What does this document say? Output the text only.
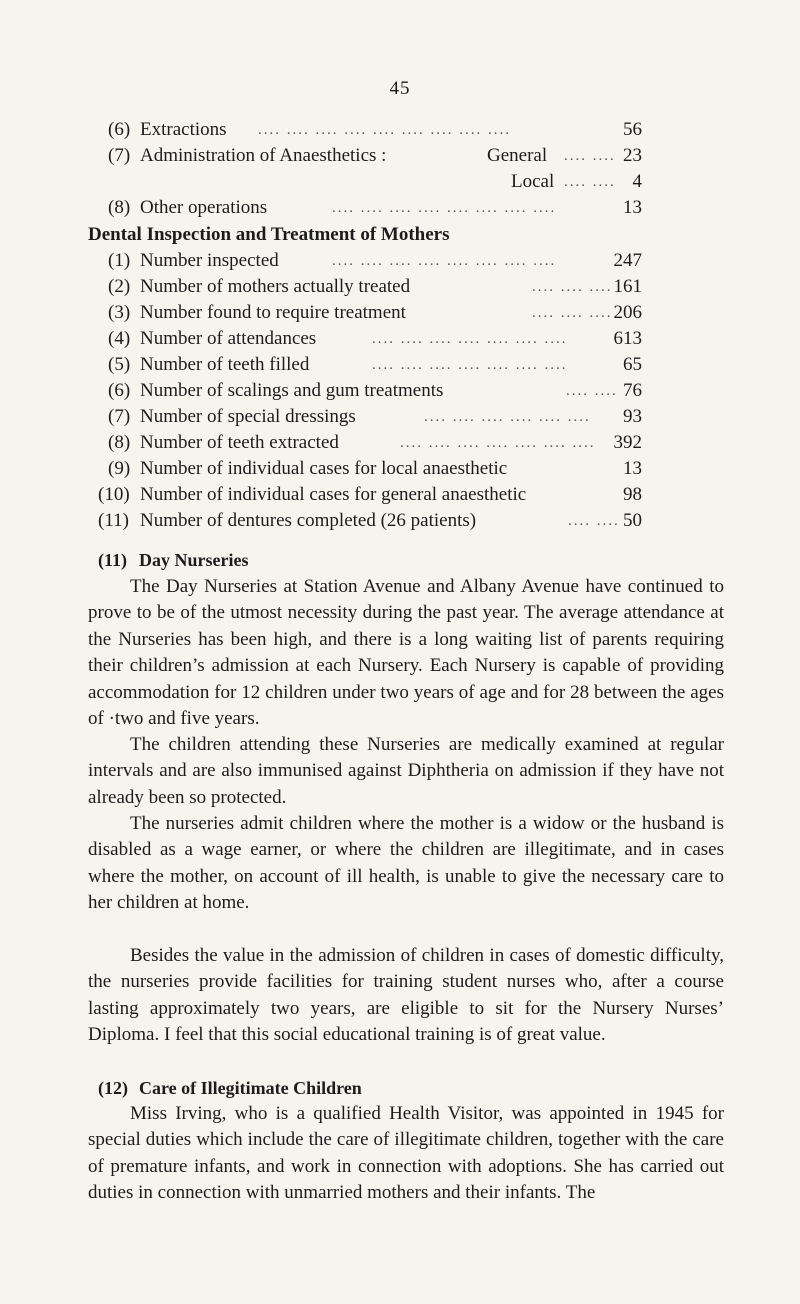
45
(6) Extractions .... .... .... .... .... .... .... .... ....	56
(7) Administration of Anaesthetics :	General .... .... 23
Local .... .... 4
(8) Other operations	.... .... .... .... .... .... .... ....	13
Dental Inspection and Treatment of Mothers
(1) Number inspected	.... .... .... .... .... .... .... ....	247
(2) Number of mothers actually treated	.... .... .... 161
(3) Number found to require treatment	.... .... .... 206
(4) Number of attendances	.... .... .... .... .... .... .... 613
(5) Number of teeth filled	.... .... .... .... .... .... ....	65
(6) Number of scalings and gum treatments	.... .... 76
(7) Number of special dressings	.... .... .... .... .... .... 93
(8) Number of teeth extracted	.... .... .... .... .... .... .... 392
(9) Number of individual cases for local anaesthetic	13
(10) Number of individual cases for general anaesthetic	98
(11) Number of dentures completed (26 patients)	.... .... 50
(11) Day Nurseries

The Day Nurseries at Station Avenue and Albany Avenue have continued to prove to be of the utmost necessity during the past year. The average attendance at the Nurseries has been high, and there is a long waiting list of parents requiring their children’s admission at each Nursery. Each Nursery is capable of providing accommodation for 12 children under two years of age and for 28 between the ages of ·two and five years.

The children attending these Nurseries are medically examined at regular intervals and are also immunised against Diphtheria on admission if they have not already been so protected.

The nurseries admit children where the mother is a widow or the husband is disabled as a wage earner, or where the children are illegitimate, and in cases where the mother, on account of ill health, is unable to give the necessary care to her children at home.

Besides the value in the admission of children in cases of domestic difficulty, the nurseries provide facilities for training student nurses who, after a course lasting approximately two years, are eligible to sit for the Nursery Nurses’ Diploma. I feel that this social educational training is of great value.

(12) Care of Illegitimate Children

Miss Irving, who is a qualified Health Visitor, was appointed in 1945 for special duties which include the care of illegitimate children, together with the care of premature infants, and work in connection with adoptions. She has carried out duties in connection with unmarried mothers and their infants. The
